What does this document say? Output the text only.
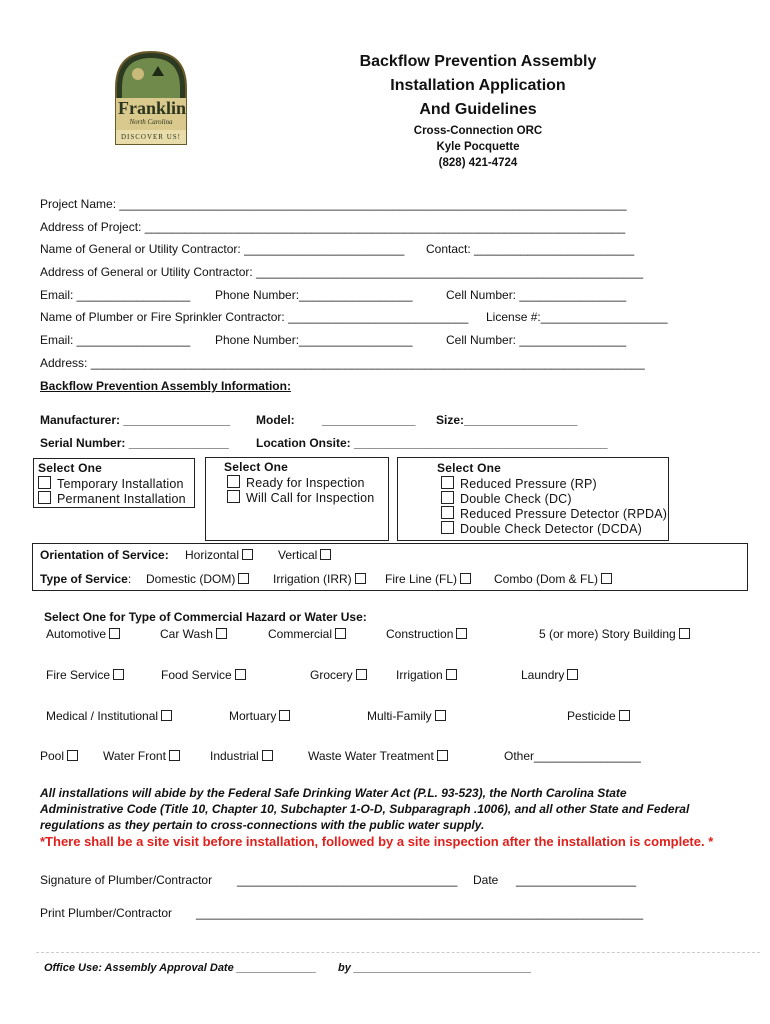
Franklin
North Carolina
DISCOVER US!
Backflow Prevention Assembly
Installation Application
And Guidelines
Cross-Connection ORC
Kyle Pocquette
(828) 421-4724
Project Name: ____________________________________________________________________________
Address of Project: ________________________________________________________________________
Name of General or Utility Contractor: ________________________ Contact: ________________________
Address of General or Utility Contractor: __________________________________________________________
Email: _________________ Phone Number:_________________	Cell Number: ________________
Name of Plumber or Fire Sprinkler Contractor: ___________________________ License #:___________________
Email: _________________ Phone Number:_________________	Cell Number: ________________
Address: ___________________________________________________________________________________
Backflow Prevention Assembly Information:
Manufacturer: ________________ Model: ______________ Size:_________________
Serial Number: _______________ Location Onsite: ______________________________________
Select One
Temporary Installation
Permanent Installation
Select One
Ready for Inspection
Will Call for Inspection
Select One
Reduced Pressure (RP)
Double Check (DC)
Reduced Pressure Detector (RPDA)
Double Check Detector (DCDA)
Orientation of Service: Horizontal	Vertical
Type of Service: Domestic (DOM)	Irrigation (IRR)	Fire Line (FL)	Combo (Dom & FL)
Select One for Type of Commercial Hazard or Water Use:
Automotive	Car Wash	Commercial	Construction	5 (or more) Story Building
Fire Service	Food Service	Grocery	Irrigation	Laundry
Medical / Institutional	Mortuary	Multi-Family	Pesticide
Pool	Water Front	Industrial	Waste Water Treatment	Other________________
All installations will abide by the Federal Safe Drinking Water Act (P.L. 93-523), the North Carolina State
Administrative Code (Title 10, Chapter 10, Subchapter 1-O-D, Subparagraph .1006), and all other State and Federal
regulations as they pertain to cross-connections with the public water supply.
*There shall be a site visit before installation, followed by a site inspection after the installation is complete. *
Signature of Plumber/Contractor _________________________________ Date __________________
Print Plumber/Contractor ___________________________________________________________________
Office Use: Assembly Approval Date _____________ by _____________________________
